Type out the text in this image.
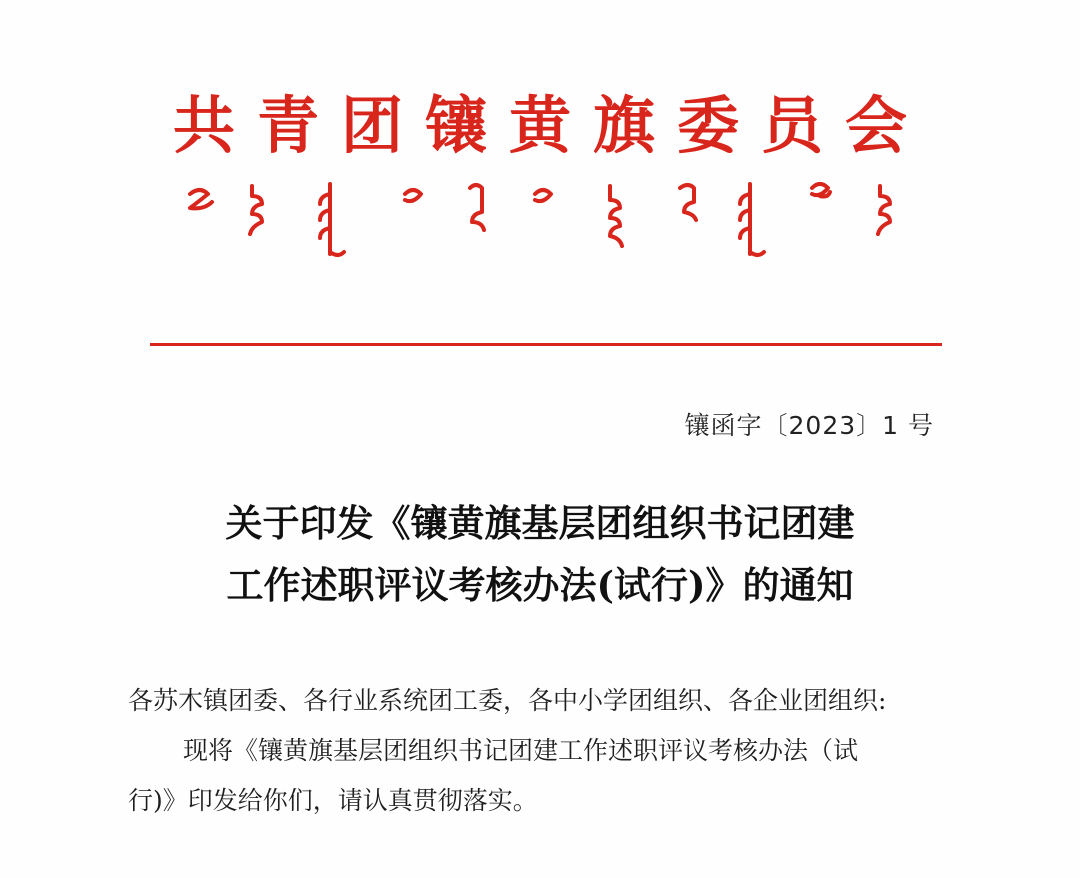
共青团镶黄旗委员会
镶函字〔2023〕1 号
关于印发《镶黄旗基层团组织书记团建
工作述职评议考核办法(试行)》的通知

各苏木镇团委、各行业系统团工委，各中小学团组织、各企业团组织:

现将《镶黄旗基层团组织书记团建工作述职评议考核办法（试

行)》印发给你们，请认真贯彻落实。
